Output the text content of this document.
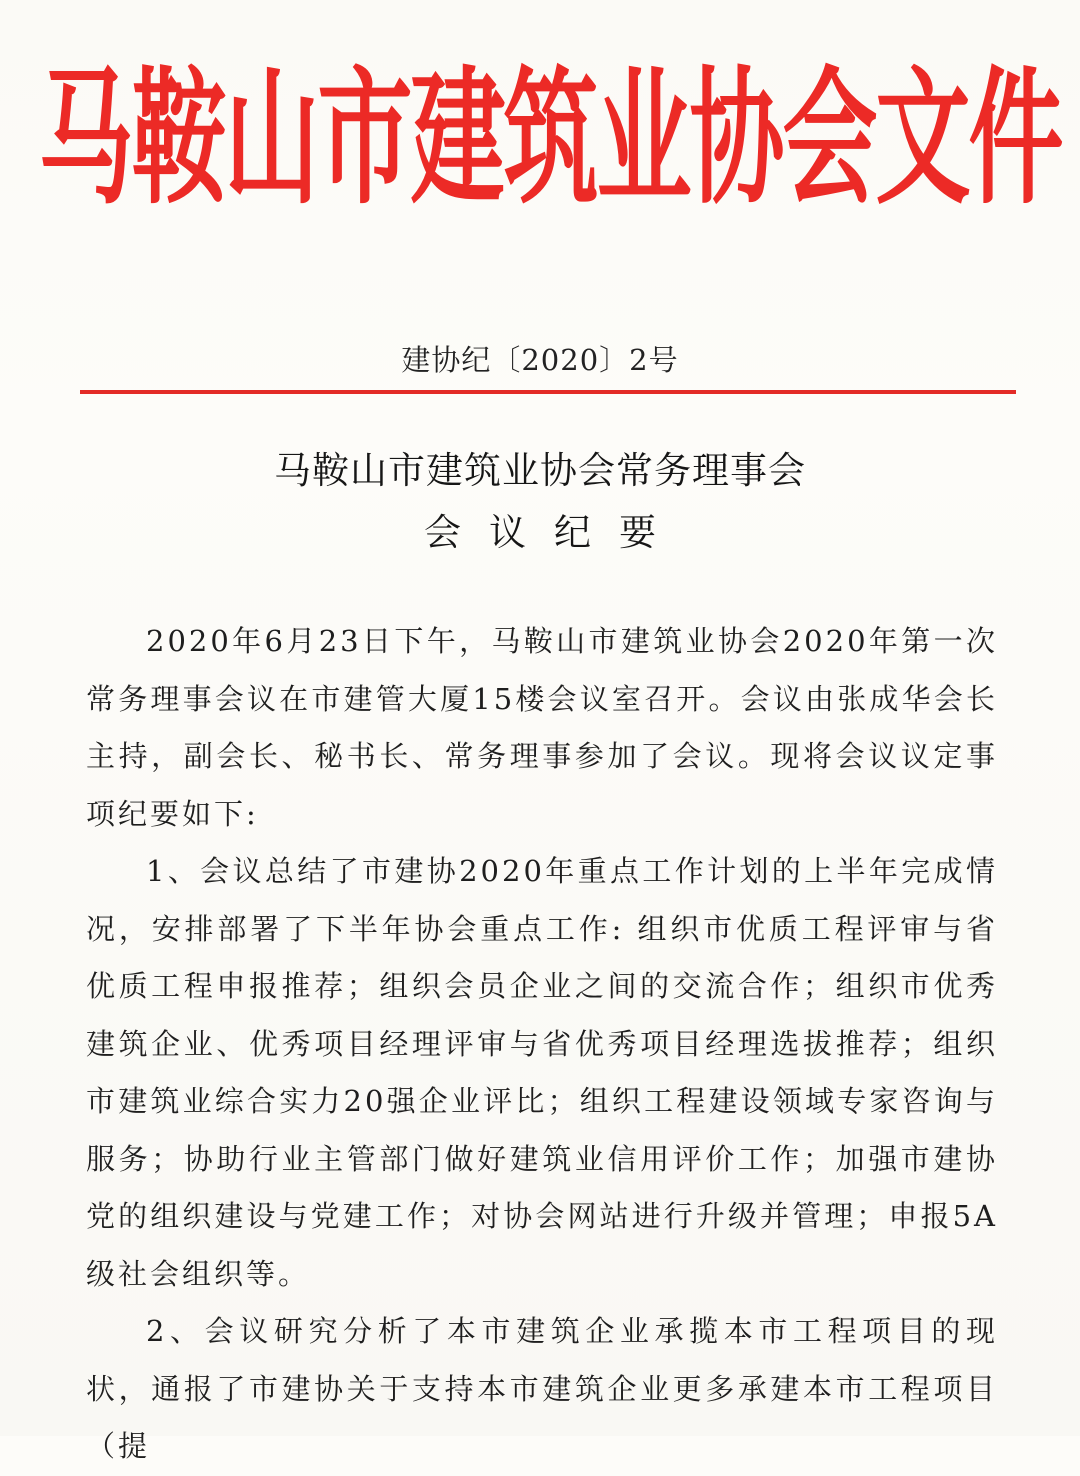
马鞍山市建筑业协会文件
建协纪〔2020〕2号
马鞍山市建筑业协会常务理事会
会议纪要

2020年6月23日下午，马鞍山市建筑业协会2020年第一次常务理事会议在市建管大厦15楼会议室召开。会议由张成华会长主持，副会长、秘书长、常务理事参加了会议。现将会议议定事项纪要如下:

1、会议总结了市建协2020年重点工作计划的上半年完成情况，安排部署了下半年协会重点工作: 组织市优质工程评审与省优质工程申报推荐；组织会员企业之间的交流合作；组织市优秀建筑企业、优秀项目经理评审与省优秀项目经理选拔推荐；组织市建筑业综合实力20强企业评比；组织工程建设领域专家咨询与服务；协助行业主管部门做好建筑业信用评价工作；加强市建协党的组织建设与党建工作；对协会网站进行升级并管理；申报5A级社会组织等。

2、会议研究分析了本市建筑企业承揽本市工程项目的现状，通报了市建协关于支持本市建筑企业更多承建本市工程项目（提
